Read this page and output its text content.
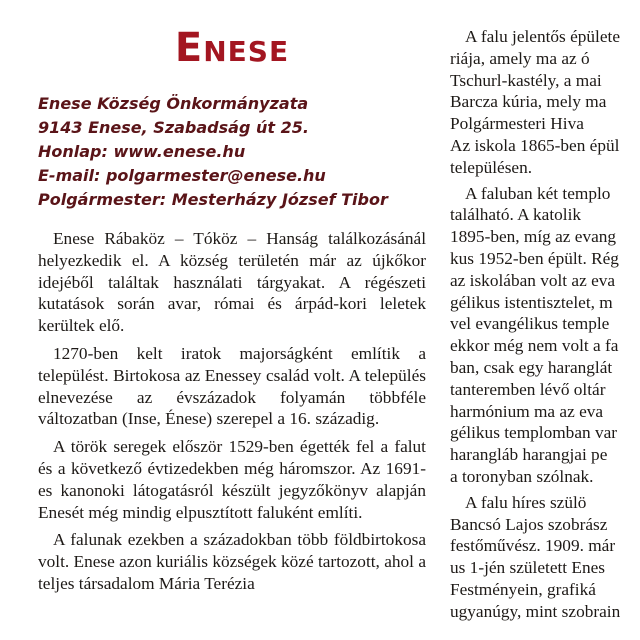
Enese
Enese Község Önkormányzata
9143 Enese, Szabadság út 25.
Honlap: www.enese.hu
E-mail: polgarmester@enese.hu
Polgármester: Mesterházy József Tibor

Enese Rábaköz – Tóköz – Hanság találkozásánál helyezkedik el. A község területén már az újkőkor idejéből találtak használati tárgyakat. A régészeti kutatások során avar, római és árpád-kori leletek kerültek elő.

1270-ben kelt iratok majorságként említik a települést. Birtokosa az Enessey család volt. A település elnevezése az évszázadok folyamán többféle változatban (Inse, Énese) szerepel a 16. századig.

A török seregek először 1529-ben égették fel a falut és a következő évtizedekben még háromszor. Az 1691-es kanonoki látogatásról készült jegyzőkönyv alapján Enesét még mindig elpusztított faluként említi.

A falunak ezekben a századokban több földbirtokosa volt. Enese azon kuriális községek közé tartozott, ahol a teljes társadalom Mária Terézia

A falu jelentős épülete
riája, amely ma az ó
Tschurl-kastély, a mai
Barcza kúria, mely ma
Polgármesteri Hiva
Az iskola 1865-ben épül
településen.
A faluban két templo
található. A katolik
1895-ben, míg az evang
kus 1952-ben épült. Rég
az iskolában volt az eva
gélikus istentisztelet, m
vel evangélikus temple
ekkor még nem volt a fa
ban, csak egy haranglát
tanteremben lévő oltár
harmónium ma az eva
gélikus templomban var
harangláb harangjai pe
a toronyban szólnak.
A falu híres szülö
Bancsó Lajos szobrász
festőművész. 1909. már
us 1-jén született Enes
Festményein, grafiká
ugyanúgy, mint szobrain
